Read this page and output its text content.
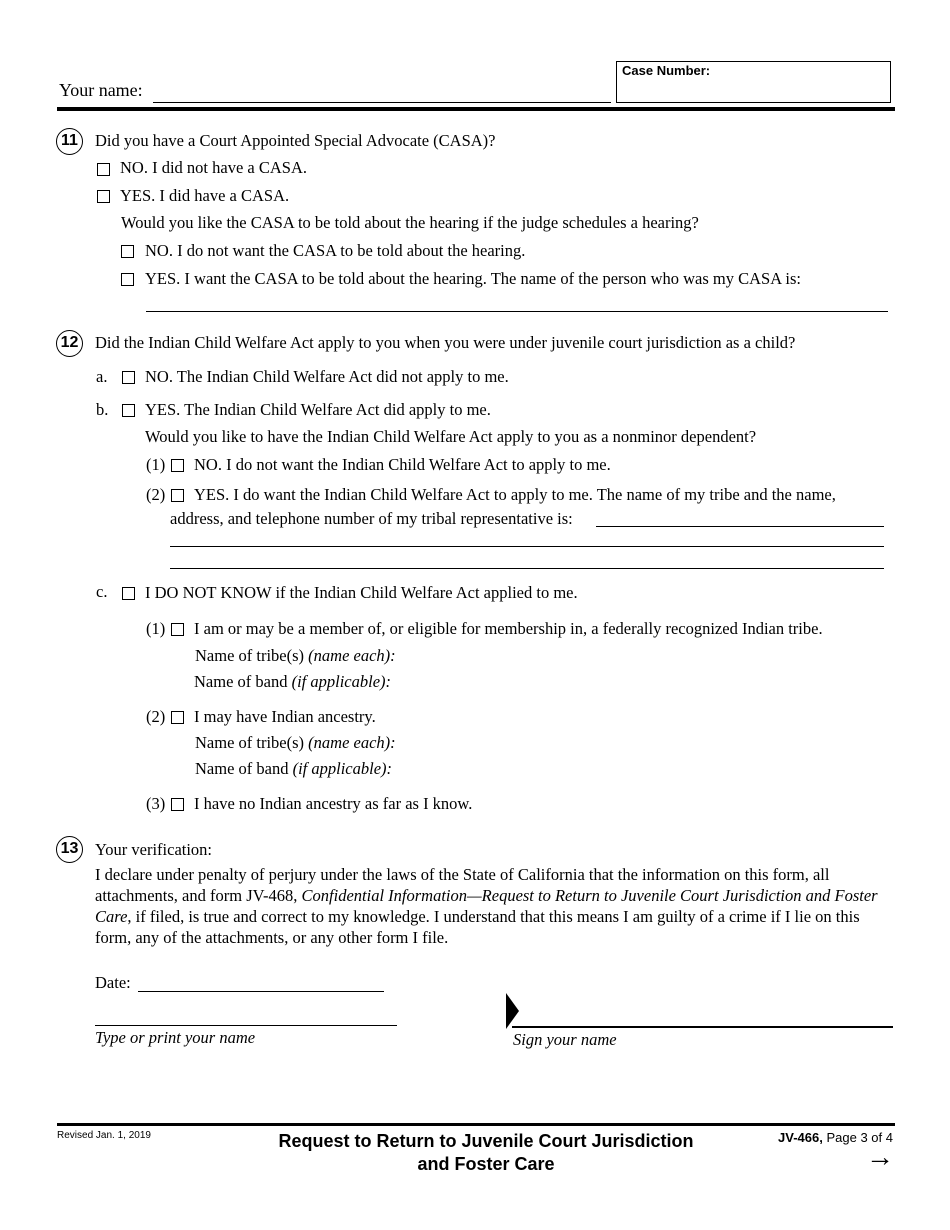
Your name:
Case Number:
11	Did you have a Court Appointed Special Advocate (CASA)?
NO. I did not have a CASA.
YES. I did have a CASA.
Would you like the CASA to be told about the hearing if the judge schedules a hearing?
NO. I do not want the CASA to be told about the hearing.
YES. I want the CASA to be told about the hearing. The name of the person who was my CASA is:
12 Did the Indian Child Welfare Act apply to you when you were under juvenile court jurisdiction as a child?
a. NO. The Indian Child Welfare Act did not apply to me.
b. YES. The Indian Child Welfare Act did apply to me.
Would you like to have the Indian Child Welfare Act apply to you as a nonminor dependent?
(1) NO. I do not want the Indian Child Welfare Act to apply to me.
(2) YES. I do want the Indian Child Welfare Act to apply to me. The name of my tribe and the name,
address, and telephone number of my tribal representative is:
c. I DO NOT KNOW if the Indian Child Welfare Act applied to me.
(1) I am or may be a member of, or eligible for membership in, a federally recognized Indian tribe.
Name of tribe(s) (name each):
Name of band (if applicable):
(2) I may have Indian ancestry.
Name of tribe(s) (name each):
Name of band (if applicable):
(3) I have no Indian ancestry as far as I know.
13 Your verification:
I declare under penalty of perjury under the laws of the State of California that the information on this form, all attachments, and form JV-468, Confidential Information—Request to Return to Juvenile Court Jurisdiction and Foster Care, if filed, is true and correct to my knowledge. I understand that this means I am guilty of a crime if I lie on this form, any of the attachments, or any other form I file.
Date:
Type or print your name	Sign your name
Revised Jan. 1, 2019	Request to Return to Juvenile Court Jurisdiction
and Foster Care
JV-466, Page 3 of 4
→
